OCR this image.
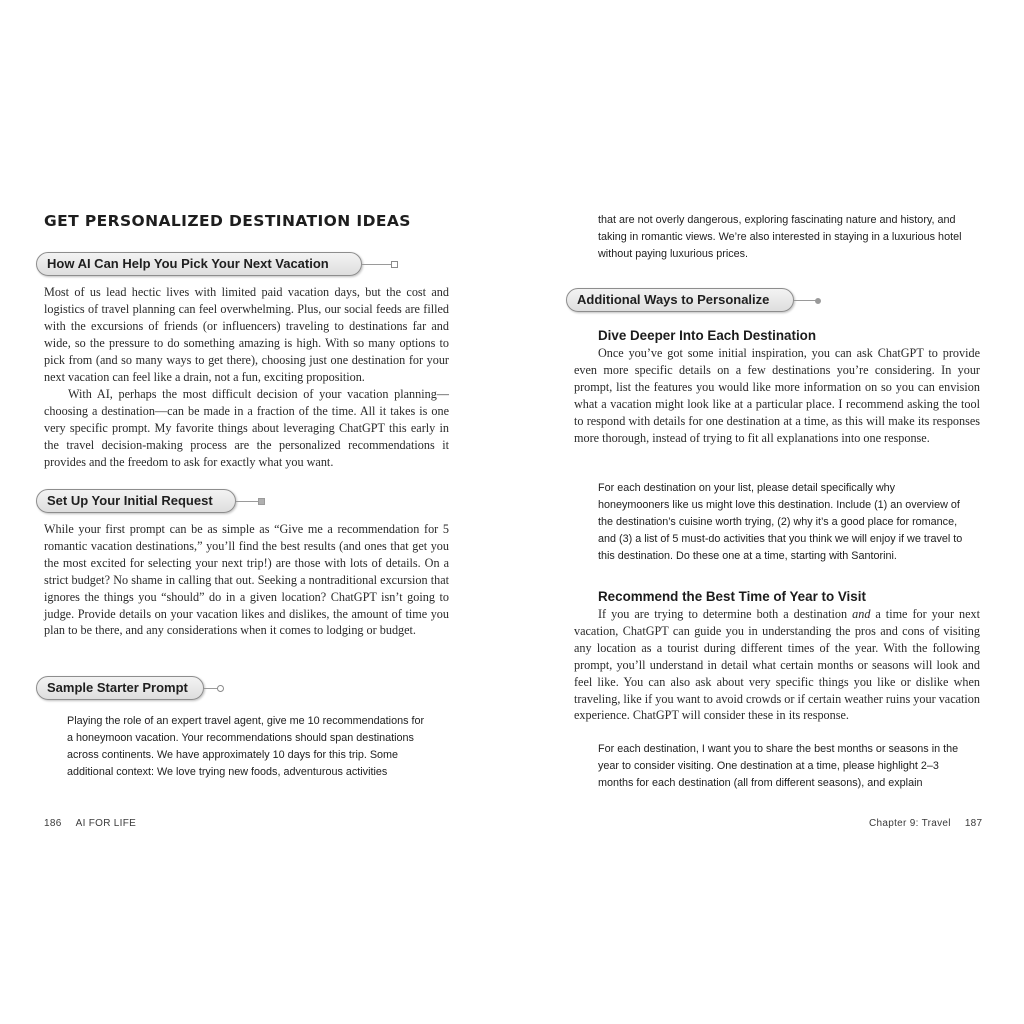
GET PERSONALIZED DESTINATION IDEAS
How AI Can Help You Pick Your Next Vacation

Most of us lead hectic lives with limited paid vacation days, but the cost and logistics of travel planning can feel overwhelming. Plus, our social feeds are filled with the excursions of friends (or influencers) traveling to destinations far and wide, so the pressure to do something amazing is high. With so many options to pick from (and so many ways to get there), choosing just one destination for your next vacation can feel like a drain, not a fun, exciting proposition.

With AI, perhaps the most difficult decision of your vacation planning—choosing a destination—can be made in a fraction of the time. All it takes is one very specific prompt. My favorite things about leveraging ChatGPT this early in the travel decision-making process are the personalized recommendations it provides and the freedom to ask for exactly what you want.

Set Up Your Initial Request

While your first prompt can be as simple as “Give me a recommendation for 5 romantic vacation destinations,” you’ll find the best results (and ones that get you the most excited for selecting your next trip!) are those with lots of details. On a strict budget? No shame in calling that out. Seeking a nontraditional excursion that ignores the things you “should” do in a given location? ChatGPT isn’t going to judge. Provide details on your vacation likes and dislikes, the amount of time you plan to be there, and any considerations when it comes to lodging or budget.

Sample Starter Prompt

Playing the role of an expert travel agent, give me 10 recommendations for a honeymoon vacation. Your recommendations should span destinations across continents. We have approximately 10 days for this trip. Some additional context: We love trying new foods, adventurous activities

186 AI FOR LIFE

that are not overly dangerous, exploring fascinating nature and history, and taking in romantic views. We’re also interested in staying in a luxurious hotel without paying luxurious prices.

Additional Ways to Personalize
Dive Deeper Into Each Destination

Once you’ve got some initial inspiration, you can ask ChatGPT to provide even more specific details on a few destinations you’re considering. In your prompt, list the features you would like more information on so you can envision what a vacation might look like at a particular place. I recommend asking the tool to respond with details for one destination at a time, as this will make its responses more thorough, instead of trying to fit all explanations into one response.

For each destination on your list, please detail specifically why honeymooners like us might love this destination. Include (1) an overview of the destination’s cuisine worth trying, (2) why it’s a good place for romance, and (3) a list of 5 must-do activities that you think we will enjoy if we travel to this destination. Do these one at a time, starting with Santorini.

Recommend the Best Time of Year to Visit

If you are trying to determine both a destination and a time for your next vacation, ChatGPT can guide you in understanding the pros and cons of visiting any location as a tourist during different times of the year. With the following prompt, you’ll understand in detail what certain months or seasons will look and feel like. You can also ask about very specific things you like or dislike when traveling, like if you want to avoid crowds or if certain weather ruins your vacation experience. ChatGPT will consider these in its response.

For each destination, I want you to share the best months or seasons in the year to consider visiting. One destination at a time, please highlight 2–3 months for each destination (all from different seasons), and explain

Chapter 9: Travel 187
